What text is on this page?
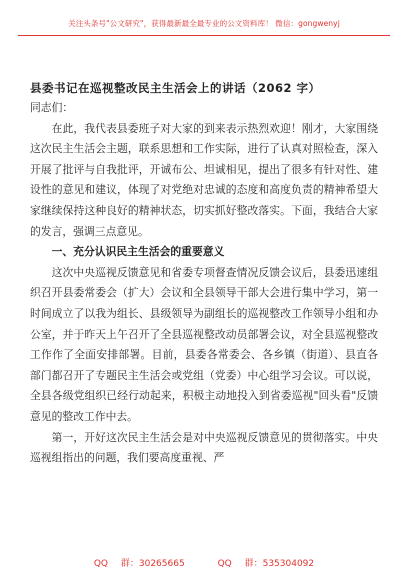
关注头条号"公文研究"，获得最新最全最专业的公文资料库！ 微信：gongwenyj
县委书记在巡视整改民主生活会上的讲话（2062 字）

同志们：

在此，我代表县委班子对大家的到来表示热烈欢迎！刚才，大家围绕这次民主生活会主题，联系思想和工作实际，进行了认真对照检查，深入开展了批评与自我批评，开诚布公、坦诚相见，提出了很多有针对性、建设性的意见和建议，体现了对党绝对忠诚的态度和高度负责的精神希望大家继续保持这种良好的精神状态，切实抓好整改落实。下面，我结合大家的发言，强调三点意见。

一、充分认识民主生活会的重要意义

这次中央巡视反馈意见和省委专项督查情况反馈会议后，县委迅速组织召开县委常委会（扩大）会议和全县领导干部大会进行集中学习，第一时间成立了以我为组长、县级领导为副组长的巡视整改工作领导小组和办公室，并于昨天上午召开了全县巡视整改动员部署会议，对全县巡视整改工作作了全面安排部署。目前，县委各常委会、各乡镇（街道）、县直各部门都召开了专题民主生活会或党组（党委）中心组学习会议。可以说，全县各级党组织已经行动起来，积极主动地投入到省委巡视"回头看"反馈意见的整改工作中去。

第一，开好这次民主生活会是对中央巡视反馈意见的贯彻落实。中央巡视组指出的问题，我们要高度重视、严

QQ 群：30265665	QQ 群：535304092
